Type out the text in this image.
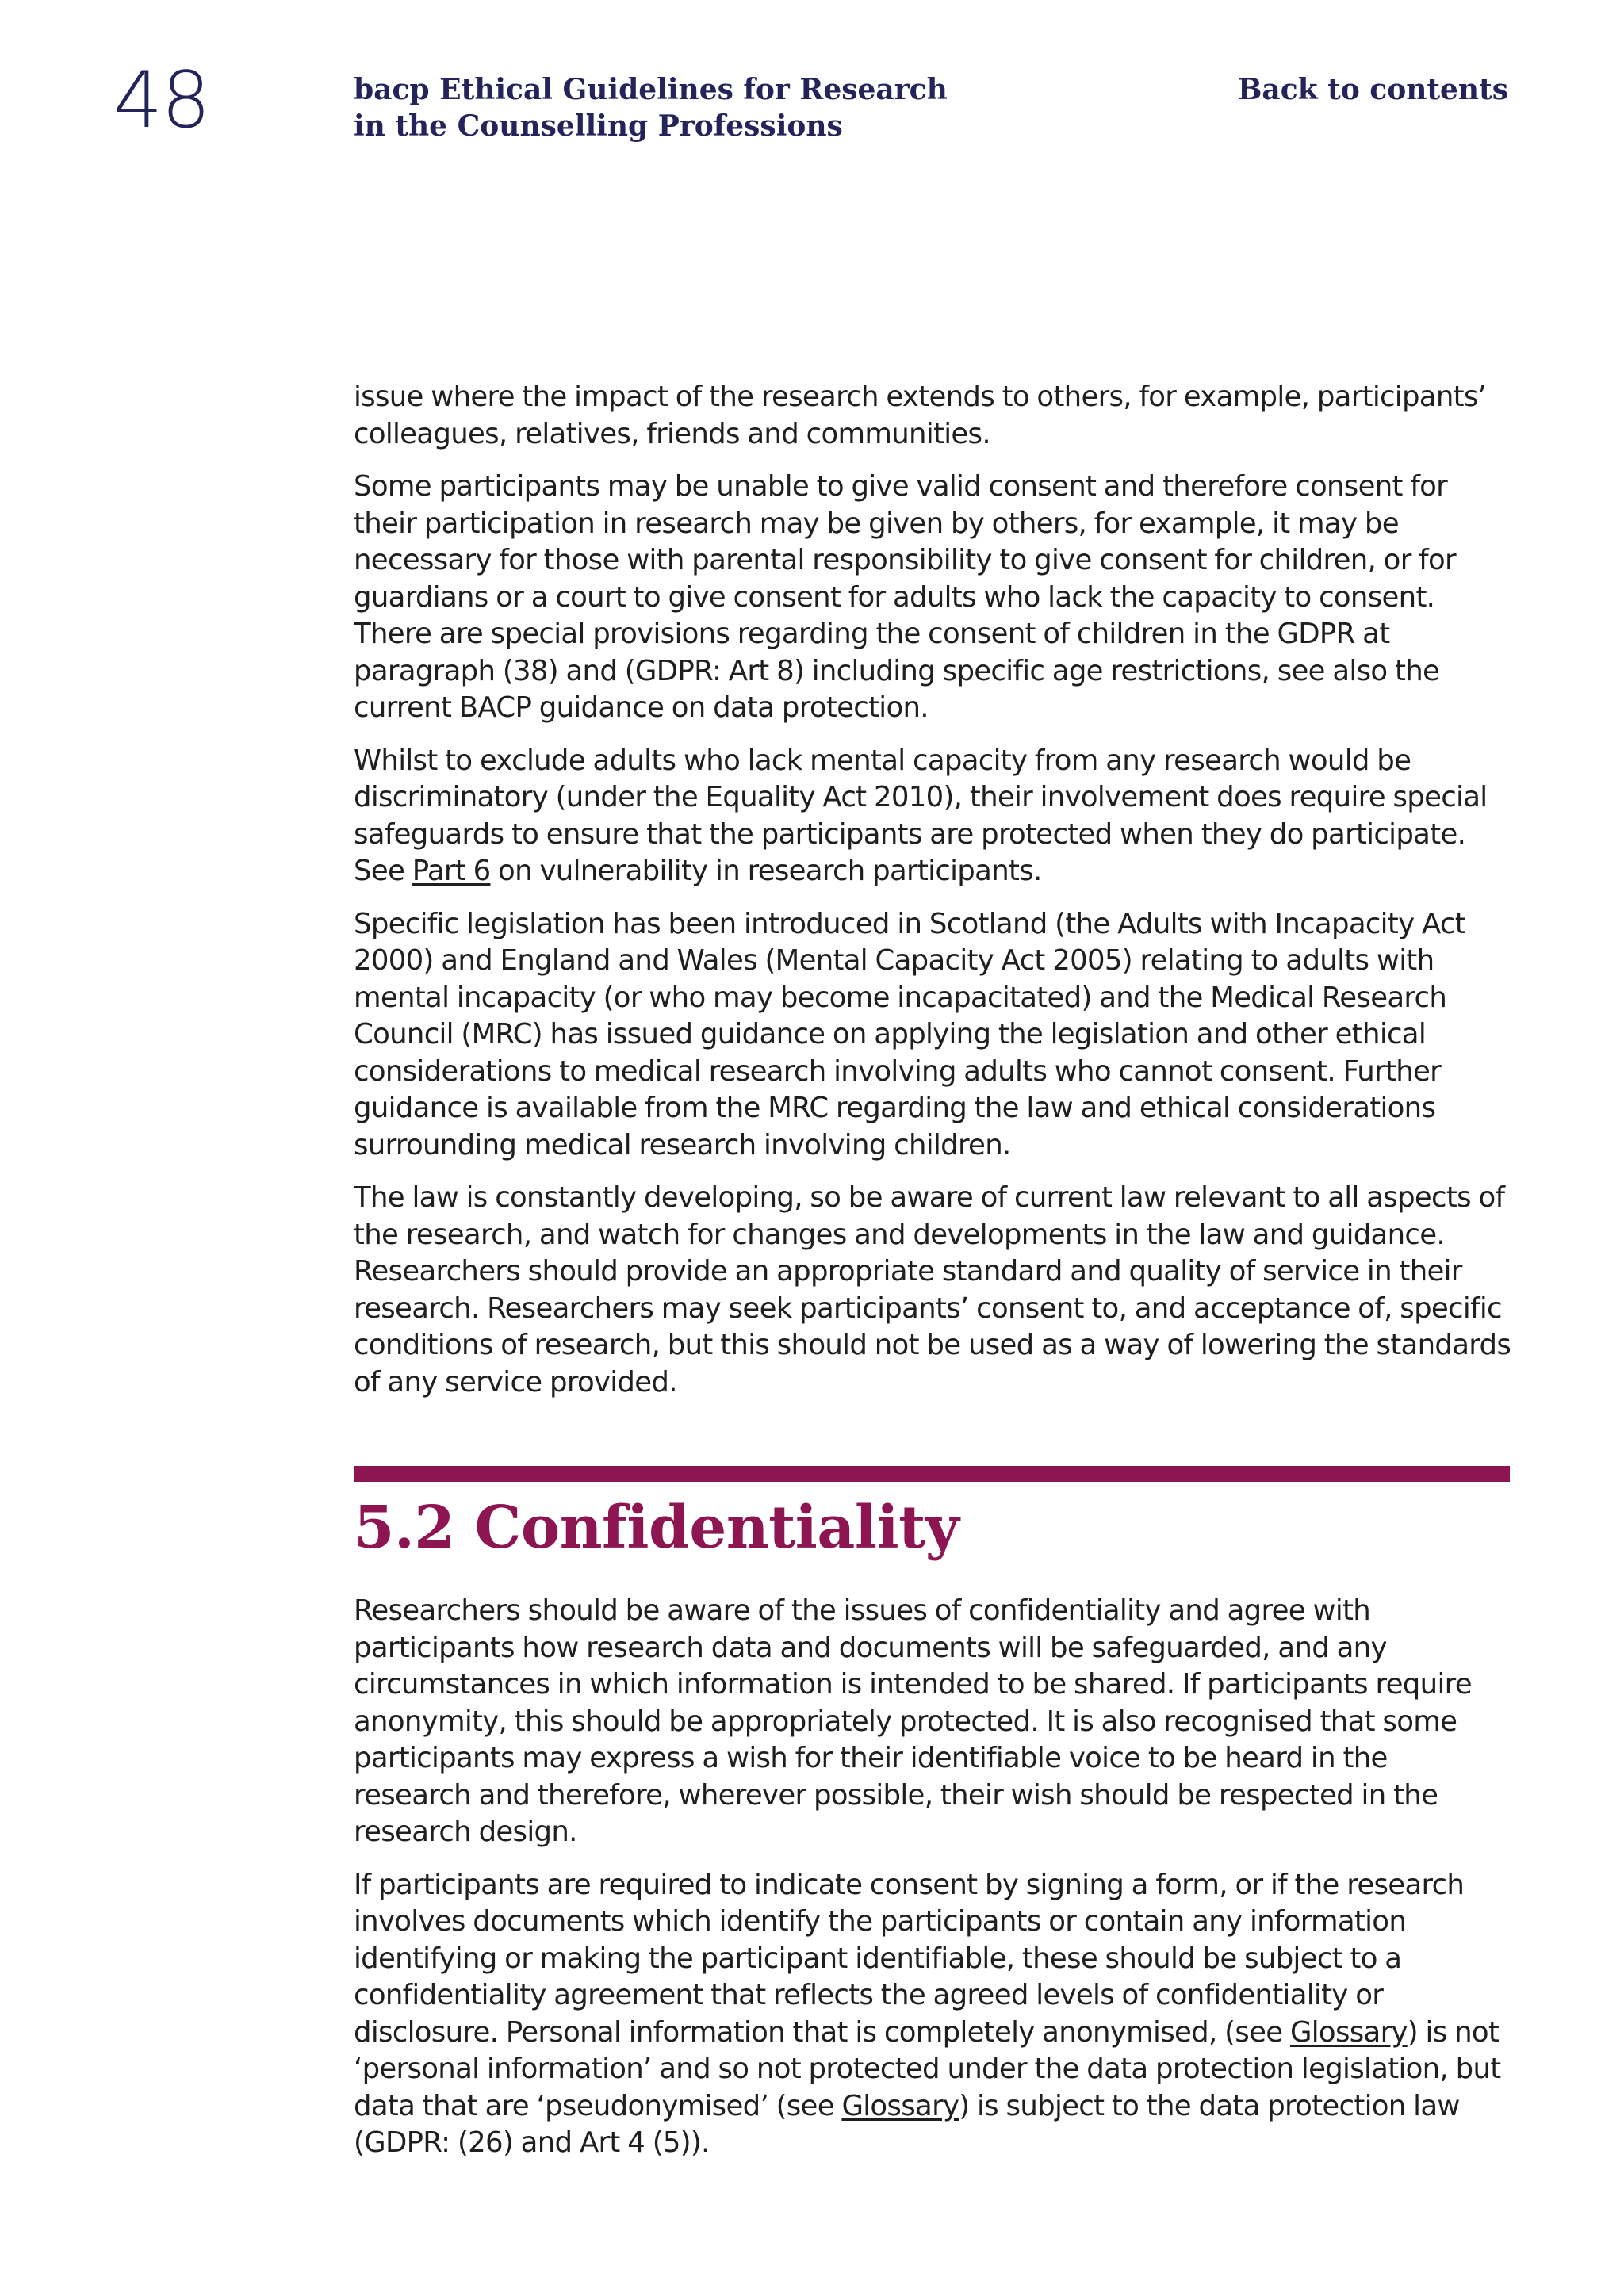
48	bacp Ethical Guidelines for Research
in the Counselling Professions
Back to contents

issue where the impact of the research extends to others, for example, participants’ colleagues, relatives, friends and communities.

Some participants may be unable to give valid consent and therefore consent for their participation in research may be given by others, for example, it may be necessary for those with parental responsibility to give consent for children, or for guardians or a court to give consent for adults who lack the capacity to consent. There are special provisions regarding the consent of children in the GDPR at paragraph (38) and (GDPR: Art 8) including specific age restrictions, see also the current BACP guidance on data protection.

Whilst to exclude adults who lack mental capacity from any research would be discriminatory (under the Equality Act 2010), their involvement does require special safeguards to ensure that the participants are protected when they do participate. See Part 6 on vulnerability in research participants.

Specific legislation has been introduced in Scotland (the Adults with Incapacity Act 2000) and England and Wales (Mental Capacity Act 2005) relating to adults with mental incapacity (or who may become incapacitated) and the Medical Research Council (MRC) has issued guidance on applying the legislation and other ethical considerations to medical research involving adults who cannot consent. Further guidance is available from the MRC regarding the law and ethical considerations surrounding medical research involving children.

The law is constantly developing, so be aware of current law relevant to all aspects of the research, and watch for changes and developments in the law and guidance. Researchers should provide an appropriate standard and quality of service in their research. Researchers may seek participants’ consent to, and acceptance of, specific conditions of research, but this should not be used as a way of lowering the standards of any service provided.

5.2 Confidentiality

Researchers should be aware of the issues of confidentiality and agree with participants how research data and documents will be safeguarded, and any circumstances in which information is intended to be shared. If participants require anonymity, this should be appropriately protected. It is also recognised that some participants may express a wish for their identifiable voice to be heard in the research and therefore, wherever possible, their wish should be respected in the research design.

If participants are required to indicate consent by signing a form, or if the research involves documents which identify the participants or contain any information identifying or making the participant identifiable, these should be subject to a confidentiality agreement that reflects the agreed levels of confidentiality or disclosure. Personal information that is completely anonymised, (see Glossary) is not ‘personal information’ and so not protected under the data protection legislation, but data that are ‘pseudonymised’ (see Glossary) is subject to the data protection law (GDPR: (26) and Art 4 (5)).
